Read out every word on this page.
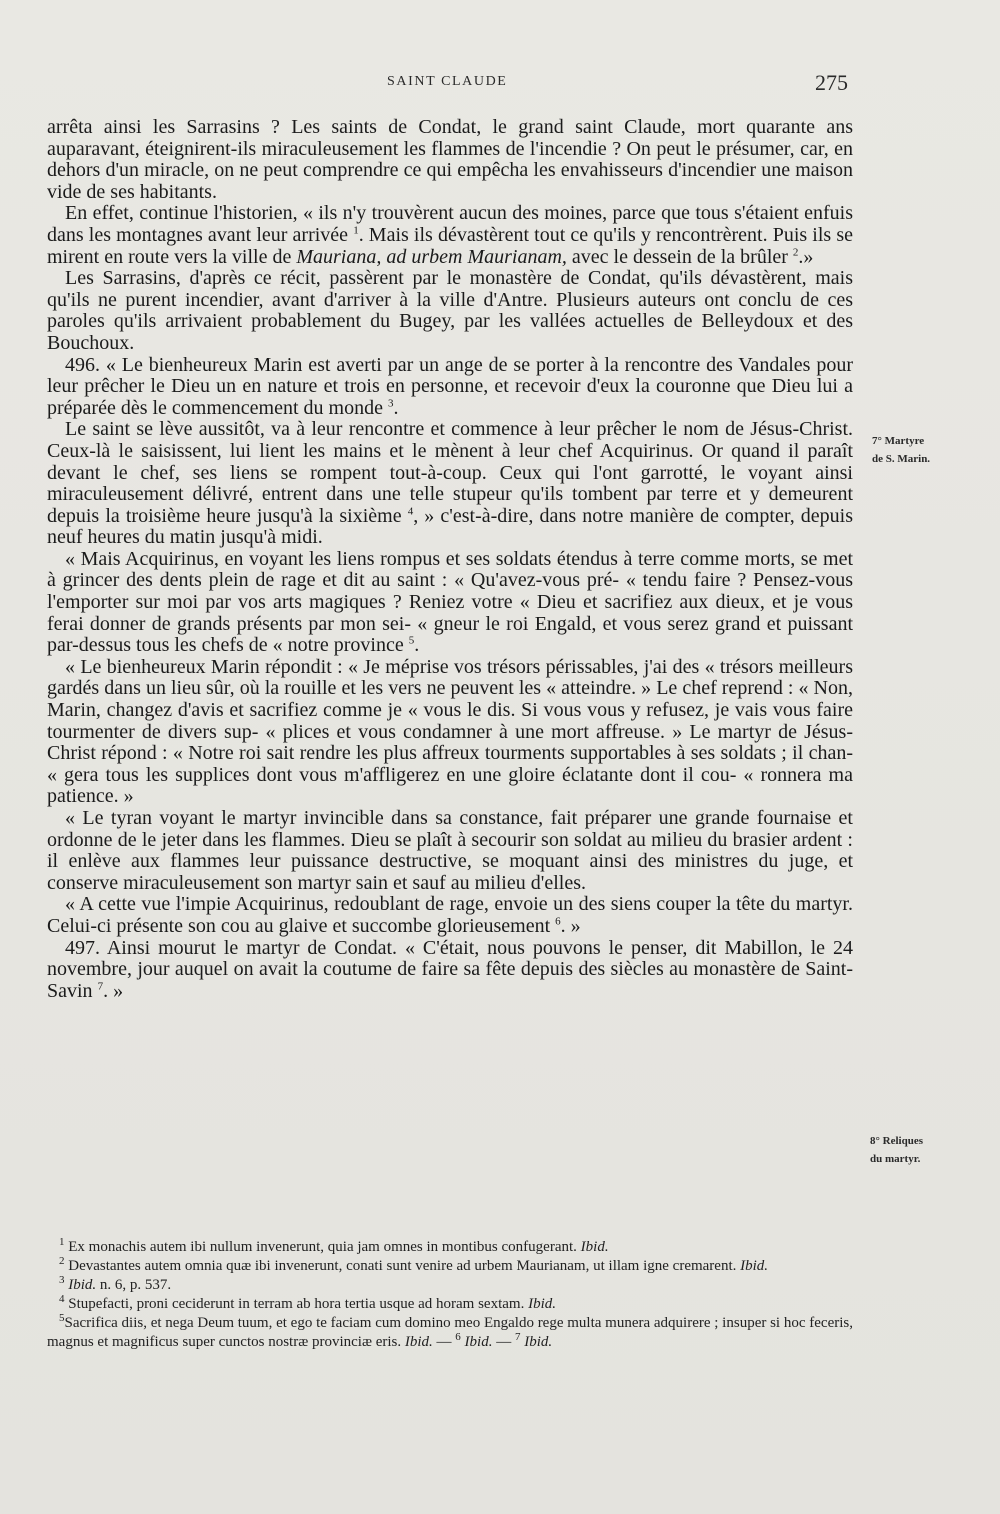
SAINT CLAUDE	275

arrêta ainsi les Sarrasins ? Les saints de Condat, le grand saint Claude, mort quarante ans auparavant, éteignirent-ils miraculeusement les flammes de l'incendie ? On peut le présumer, car, en dehors d'un miracle, on ne peut comprendre ce qui empêcha les envahisseurs d'incendier une maison vide de ses habitants.

En effet, continue l'historien, « ils n'y trouvèrent aucun des moines, parce que tous s'étaient enfuis dans les montagnes avant leur arrivée $^1$. Mais ils dévastèrent tout ce qu'ils y rencontrèrent. Puis ils se mirent en route vers la ville de Mauriana, ad urbem Maurianam, avec le dessein de la brûler $^2$.»

Les Sarrasins, d'après ce récit, passèrent par le monastère de Condat, qu'ils dévastèrent, mais qu'ils ne purent incendier, avant d'arriver à la ville d'Antre. Plusieurs auteurs ont conclu de ces paroles qu'ils arrivaient probablement du Bugey, par les vallées actuelles de Belleydoux et des Bouchoux.

496. « Le bienheureux Marin est averti par un ange de se porter à la rencontre des Vandales pour leur prêcher le Dieu un en nature et trois en personne, et recevoir d'eux la couronne que Dieu lui a préparée dès le commencement du monde $^3$.

Le saint se lève aussitôt, va à leur rencontre et commence à leur prêcher le nom de Jésus-Christ. Ceux-là le saisissent, lui lient les mains et le mènent à leur chef Acquirinus. Or quand il paraît devant le chef, ses liens se rompent tout-à-coup. Ceux qui l'ont garrotté, le voyant ainsi miraculeusement délivré, entrent dans une telle stupeur qu'ils tombent par terre et y demeurent depuis la troisième heure jusqu'à la sixième $^4$, » c'est-à-dire, dans notre manière de compter, depuis neuf heures du matin jusqu'à midi.

« Mais Acquirinus, en voyant les liens rompus et ses soldats étendus à terre comme morts, se met à grincer des dents plein de rage et dit au saint : « Qu'avez-vous pré- « tendu faire ? Pensez-vous l'emporter sur moi par vos arts magiques ? Reniez votre « Dieu et sacrifiez aux dieux, et je vous ferai donner de grands présents par mon sei- « gneur le roi Engald, et vous serez grand et puissant par-dessus tous les chefs de « notre province $^5$.

« Le bienheureux Marin répondit : « Je méprise vos trésors périssables, j'ai des « trésors meilleurs gardés dans un lieu sûr, où la rouille et les vers ne peuvent les « atteindre. » Le chef reprend : « Non, Marin, changez d'avis et sacrifiez comme je « vous le dis. Si vous vous y refusez, je vais vous faire tourmenter de divers sup- « plices et vous condamner à une mort affreuse. » Le martyr de Jésus-Christ répond : « Notre roi sait rendre les plus affreux tourments supportables à ses soldats ; il chan- « gera tous les supplices dont vous m'affligerez en une gloire éclatante dont il cou- « ronnera ma patience. »

« Le tyran voyant le martyr invincible dans sa constance, fait préparer une grande fournaise et ordonne de le jeter dans les flammes. Dieu se plaît à secourir son soldat au milieu du brasier ardent : il enlève aux flammes leur puissance destructive, se moquant ainsi des ministres du juge, et conserve miraculeusement son martyr sain et sauf au milieu d'elles.

« A cette vue l'impie Acquirinus, redoublant de rage, envoie un des siens couper la tête du martyr. Celui-ci présente son cou au glaive et succombe glorieusement $^6$. »

497. Ainsi mourut le martyr de Condat. « C'était, nous pouvons le penser, dit Mabillon, le 24 novembre, jour auquel on avait la coutume de faire sa fête depuis des siècles au monastère de Saint-Savin $^7$. »

7° Martyre
de S. Marin.
8° Reliques
du martyr.

$^1$ Ex monachis autem ibi nullum invenerunt, quia jam omnes in montibus confugerant. Ibid.

$^2$ Devastantes autem omnia quæ ibi invenerunt, conati sunt venire ad urbem Maurianam, ut illam igne cremarent. Ibid.

$^3$ Ibid. n. 6, p. 537.

$^4$ Stupefacti, proni ceciderunt in terram ab hora tertia usque ad horam sextam. Ibid.

$^5$Sacrifica diis, et nega Deum tuum, et ego te faciam cum domino meo Engaldo rege multa munera adquirere ; insuper si hoc feceris, magnus et magnificus super cunctos nostræ provinciæ eris. Ibid. — $^6$ Ibid. — $^7$ Ibid.
